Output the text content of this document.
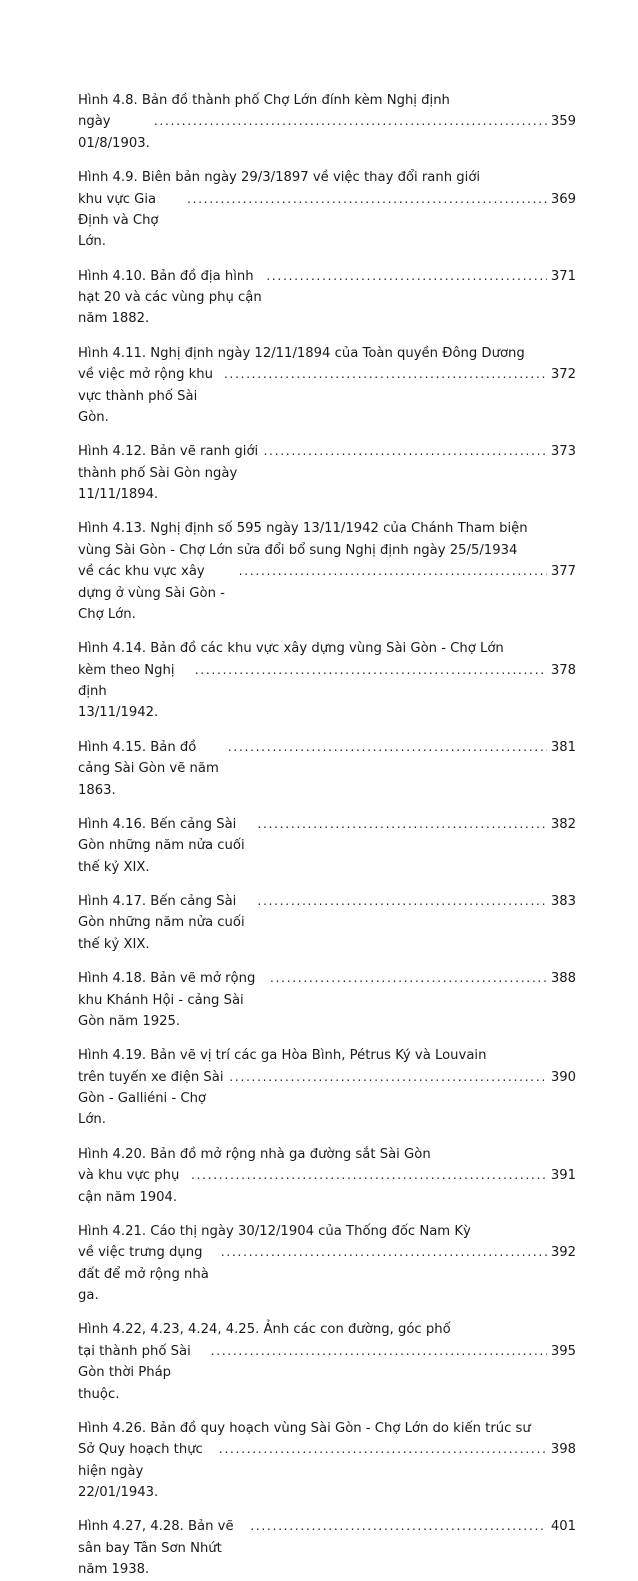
Hình 4.8. Bản đồ thành phố Chợ Lớn đính kèm Nghị định
ngày 01/8/1903.
.....
359
Hình 4.9. Biên bản ngày 29/3/1897 về việc thay đổi ranh giới
khu vực Gia Định và Chợ Lớn.
.....
369
Hình 4.10. Bản đồ địa hình hạt 20 và các vùng phụ cận năm 1882.
.....
371
Hình 4.11. Nghị định ngày 12/11/1894 của Toàn quyền Đông Dương
về việc mở rộng khu vực thành phố Sài Gòn.
.....
372
Hình 4.12. Bản vẽ ranh giới thành phố Sài Gòn ngày 11/11/1894.
.....
373
Hình 4.13. Nghị định số 595 ngày 13/11/1942 của Chánh Tham biện
vùng Sài Gòn - Chợ Lớn sửa đổi bổ sung Nghị định ngày 25/5/1934
về các khu vực xây dựng ở vùng Sài Gòn - Chợ Lớn.
.....
377
Hình 4.14. Bản đồ các khu vực xây dựng vùng Sài Gòn - Chợ Lớn
kèm theo Nghị định 13/11/1942.
.....
378
Hình 4.15. Bản đồ cảng Sài Gòn vẽ năm 1863.
.....
381
Hình 4.16. Bến cảng Sài Gòn những năm nửa cuối thế kỷ XIX.
.....
382
Hình 4.17. Bến cảng Sài Gòn những năm nửa cuối thế kỷ XIX.
.....
383
Hình 4.18. Bản vẽ mở rộng khu Khánh Hội - cảng Sài Gòn năm 1925.
.....
388
Hình 4.19. Bản vẽ vị trí các ga Hòa Bình, Pétrus Ký và Louvain
trên tuyến xe điện Sài Gòn - Galliéni - Chợ Lớn.
.....
390
Hình 4.20. Bản đồ mở rộng nhà ga đường sắt Sài Gòn
và khu vực phụ cận năm 1904.
.....
391
Hình 4.21. Cáo thị ngày 30/12/1904 của Thống đốc Nam Kỳ
về việc trưng dụng đất để mở rộng nhà ga.
.....
392
Hình 4.22, 4.23, 4.24, 4.25. Ảnh các con đường, góc phố
tại thành phố Sài Gòn thời Pháp thuộc.
.....
395
Hình 4.26. Bản đồ quy hoạch vùng Sài Gòn - Chợ Lớn do kiến trúc sư
Sở Quy hoạch thực hiện ngày 22/01/1943.
.....
398
Hình 4.27, 4.28. Bản vẽ sân bay Tân Sơn Nhứt năm 1938.
.....
401
